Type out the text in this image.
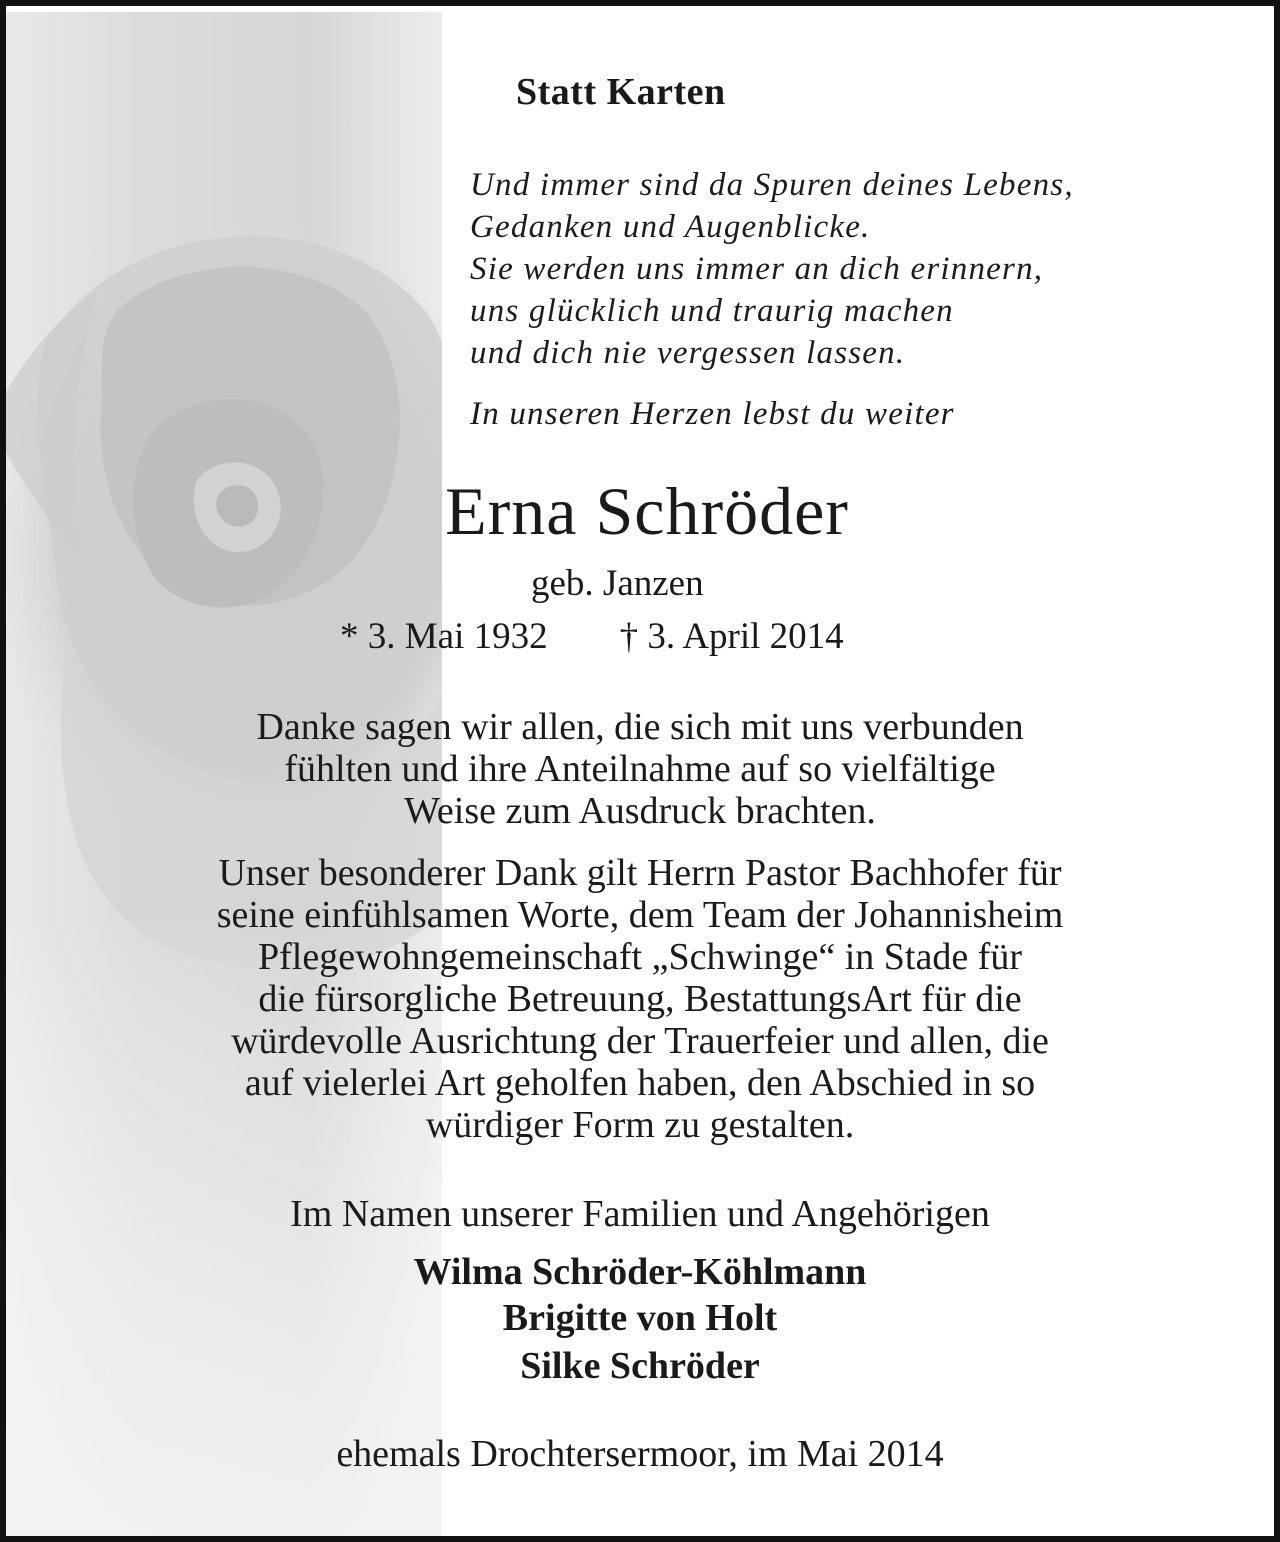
Statt Karten
Und immer sind da Spuren deines Lebens,
Gedanken und Augenblicke.
Sie werden uns immer an dich erinnern,
uns glücklich und traurig machen
und dich nie vergessen lassen.
In unseren Herzen lebst du weiter
Erna Schröder
geb. Janzen
* 3. Mai 1932 † 3. April 2014
Danke sagen wir allen, die sich mit uns verbunden
fühlten und ihre Anteilnahme auf so vielfältige
Weise zum Ausdruck brachten.
Unser besonderer Dank gilt Herrn Pastor Bachhofer für
seine einfühlsamen Worte, dem Team der Johannisheim
Pflegewohngemeinschaft „Schwinge“ in Stade für
die fürsorgliche Betreuung, BestattungsArt für die
würdevolle Ausrichtung der Trauerfeier und allen, die
auf vielerlei Art geholfen haben, den Abschied in so
würdiger Form zu gestalten.
Im Namen unserer Familien und Angehörigen
Wilma Schröder-Köhlmann
Brigitte von Holt
Silke Schröder
ehemals Drochtersermoor, im Mai 2014
